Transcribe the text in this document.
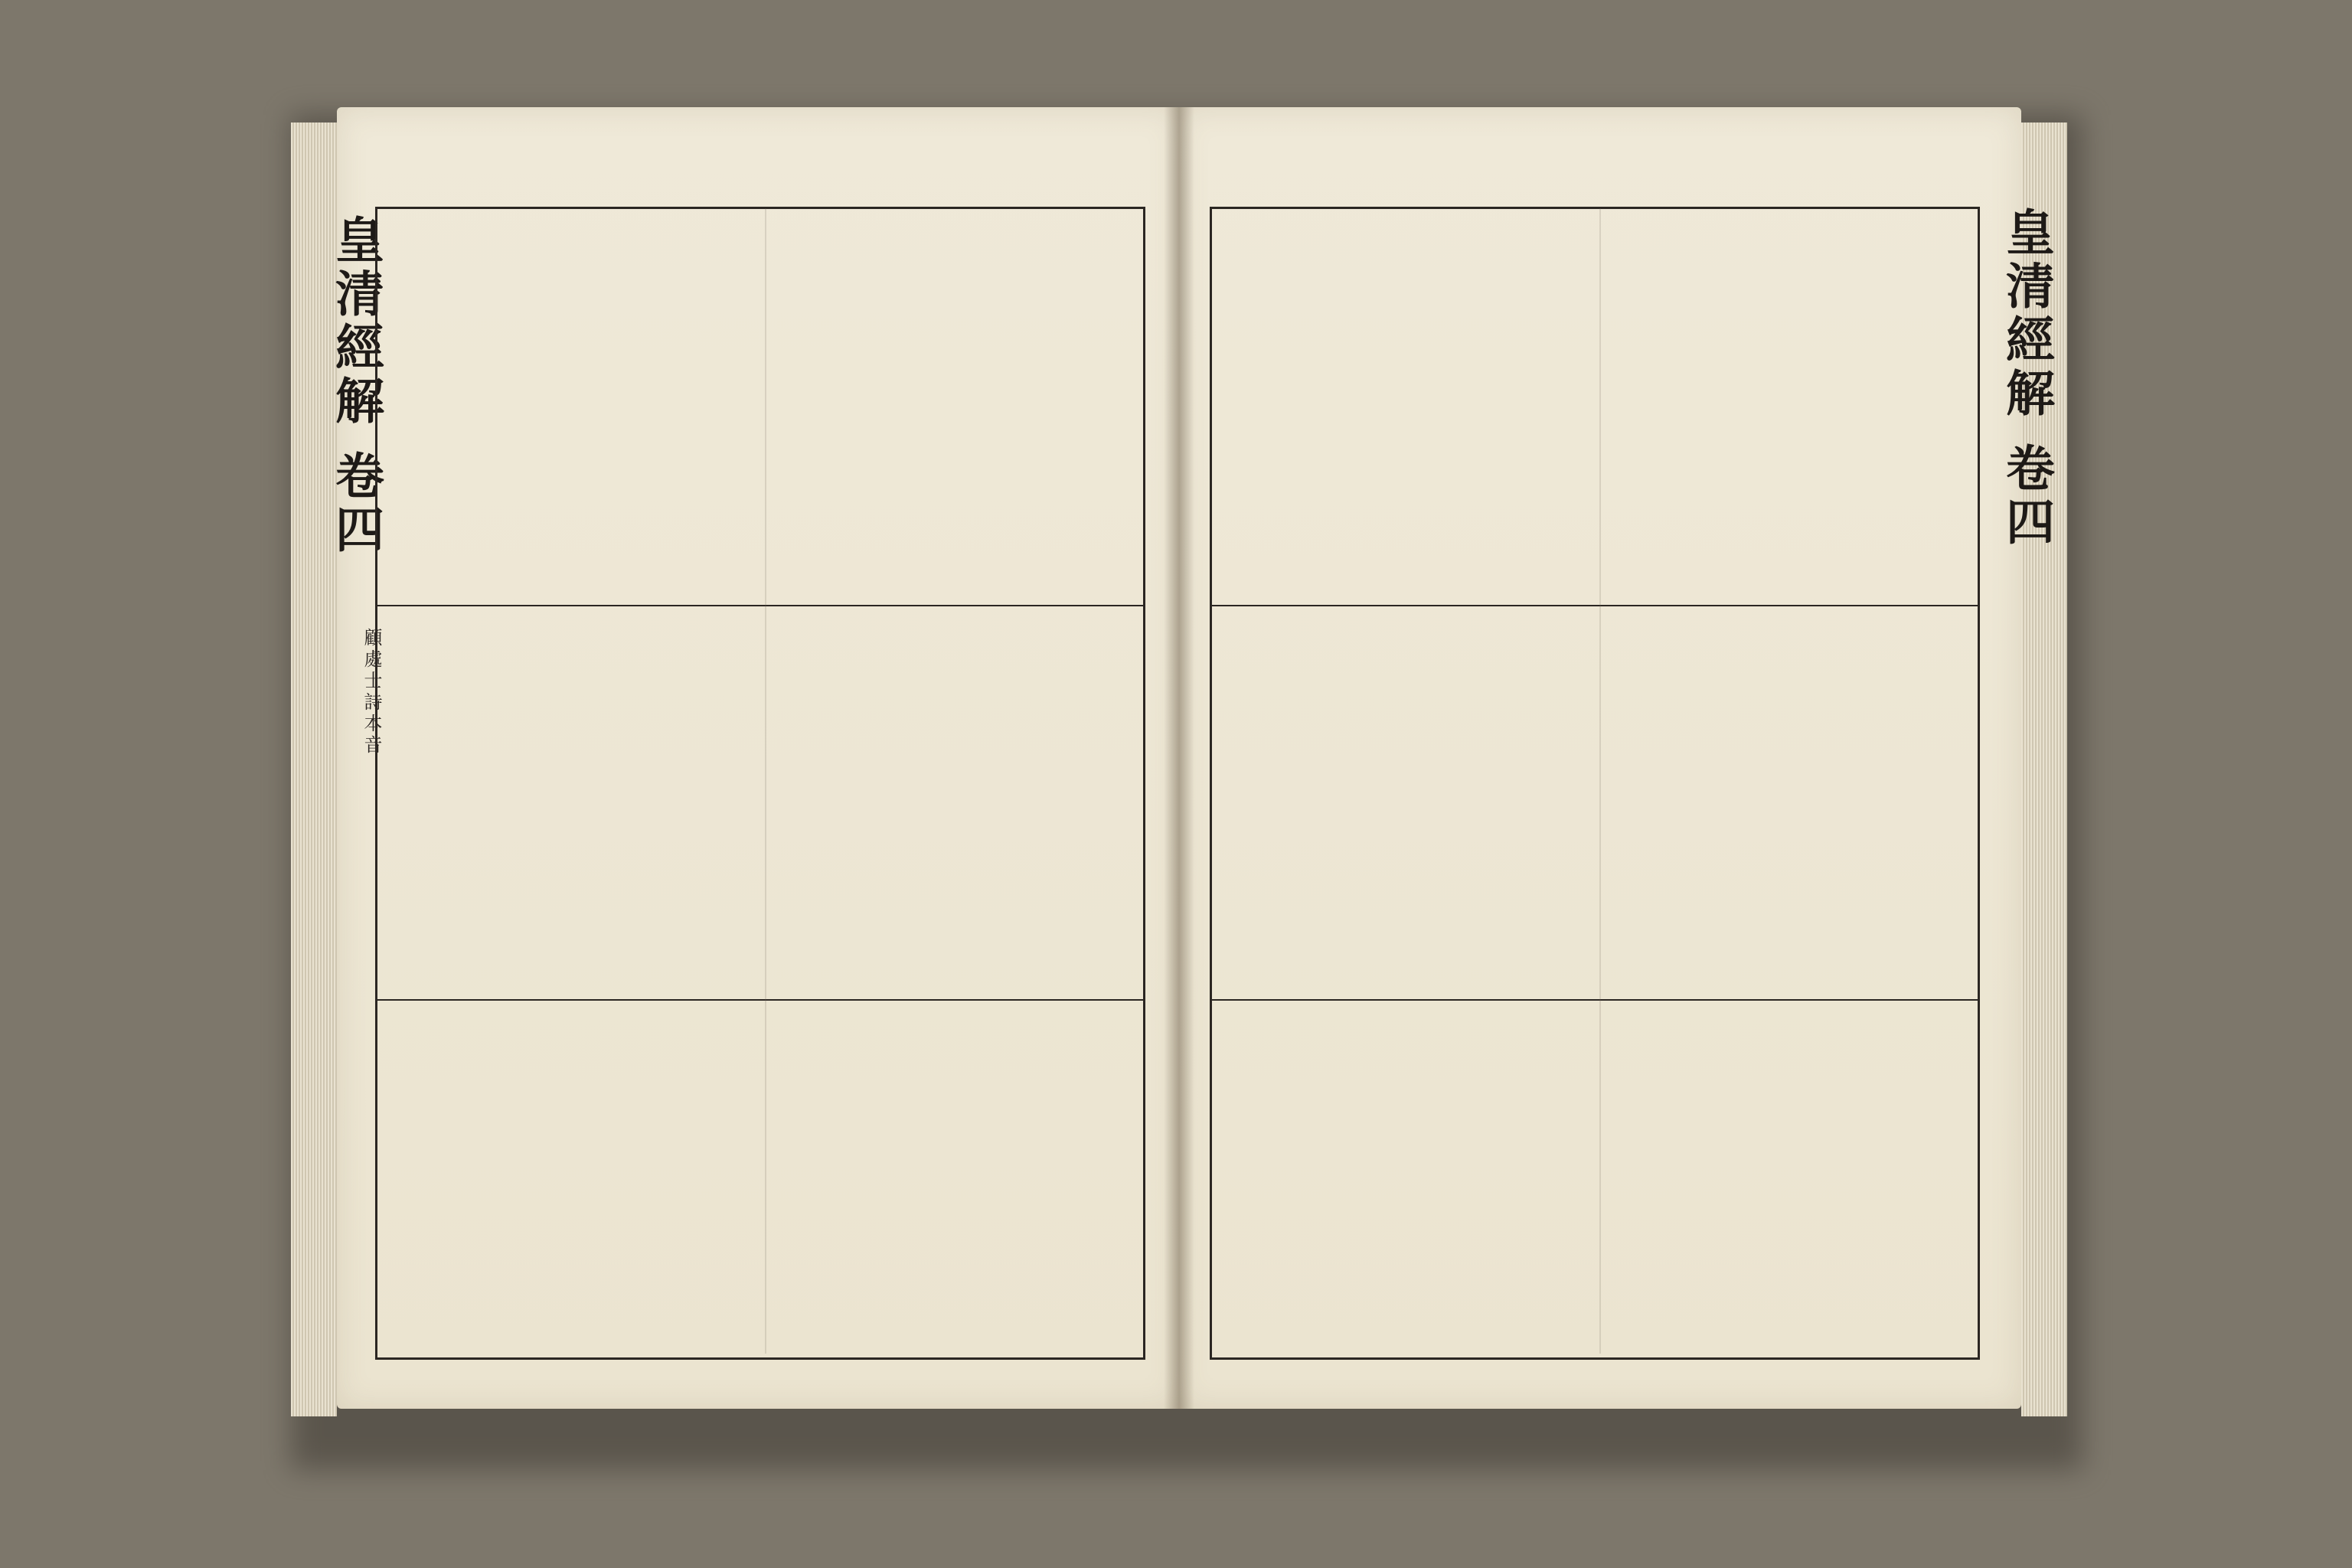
皇清經解 卷四	皇清經解 卷四
顧處士詩本音
